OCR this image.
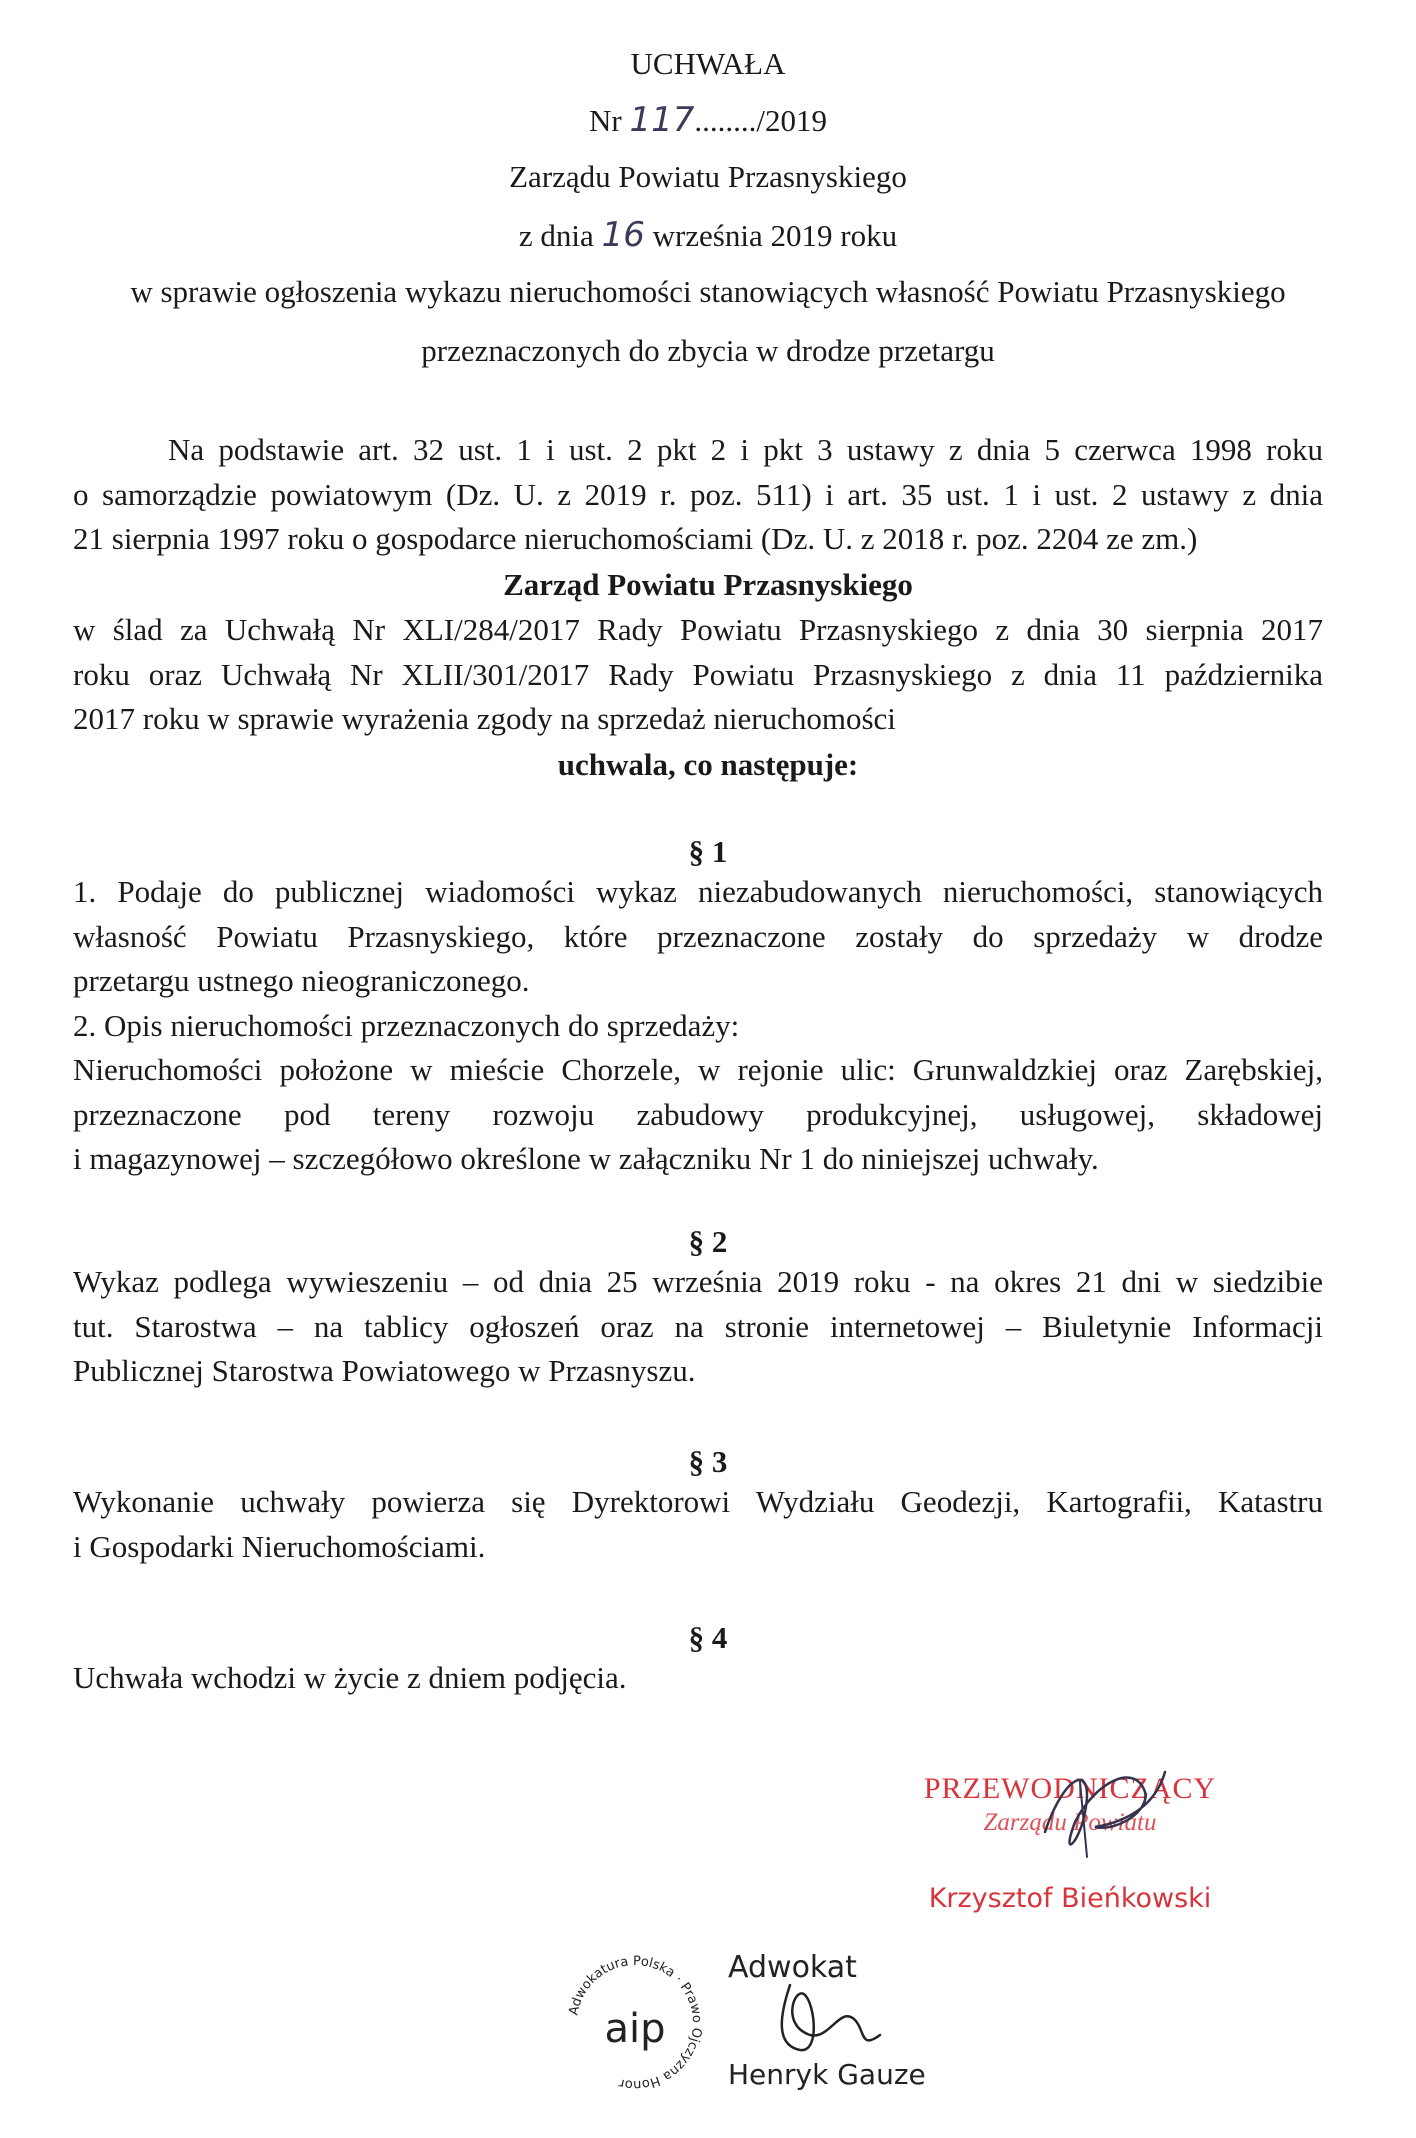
UCHWAŁA
Nr 117......../2019
Zarządu Powiatu Przasnyskiego
z dnia 16 września 2019 roku
w sprawie ogłoszenia wykazu nieruchomości stanowiących własność Powiatu Przasnyskiego
przeznaczonych do zbycia w drodze przetargu
Na podstawie art. 32 ust. 1 i ust. 2 pkt 2 i pkt 3 ustawy z dnia 5 czerwca 1998 roku
o samorządzie powiatowym (Dz. U. z 2019 r. poz. 511) i art. 35 ust. 1 i ust. 2 ustawy z dnia
21 sierpnia 1997 roku o gospodarce nieruchomościami (Dz. U. z 2018 r. poz. 2204 ze zm.)
Zarząd Powiatu Przasnyskiego
w ślad za Uchwałą Nr XLI/284/2017 Rady Powiatu Przasnyskiego z dnia 30 sierpnia 2017
roku oraz Uchwałą Nr XLII/301/2017 Rady Powiatu Przasnyskiego z dnia 11 października
2017 roku w sprawie wyrażenia zgody na sprzedaż nieruchomości
uchwala, co następuje:
§ 1
1. Podaje do publicznej wiadomości wykaz niezabudowanych nieruchomości, stanowiących
własność Powiatu Przasnyskiego, które przeznaczone zostały do sprzedaży w drodze
przetargu ustnego nieograniczonego.
2. Opis nieruchomości przeznaczonych do sprzedaży:
Nieruchomości położone w mieście Chorzele, w rejonie ulic: Grunwaldzkiej oraz Zarębskiej,
przeznaczone pod tereny rozwoju zabudowy produkcyjnej, usługowej, składowej
i magazynowej – szczegółowo określone w załączniku Nr 1 do niniejszej uchwały.
§ 2
Wykaz podlega wywieszeniu – od dnia 25 września 2019 roku - na okres 21 dni w siedzibie
tut. Starostwa – na tablicy ogłoszeń oraz na stronie internetowej – Biuletynie Informacji
Publicznej Starostwa Powiatowego w Przasnyszu.
§ 3
Wykonanie uchwały powierza się Dyrektorowi Wydziału Geodezji, Kartografii, Katastru
i Gospodarki Nieruchomościami.
§ 4
Uchwała wchodzi w życie z dniem podjęcia.
PRZEWODNICZĄCY
Zarządu Powiatu
Krzysztof Bieńkowski
Adwokatura Polska · Prawo Ojczyzna Honor
aip
Adwokat
Henryk Gauze
